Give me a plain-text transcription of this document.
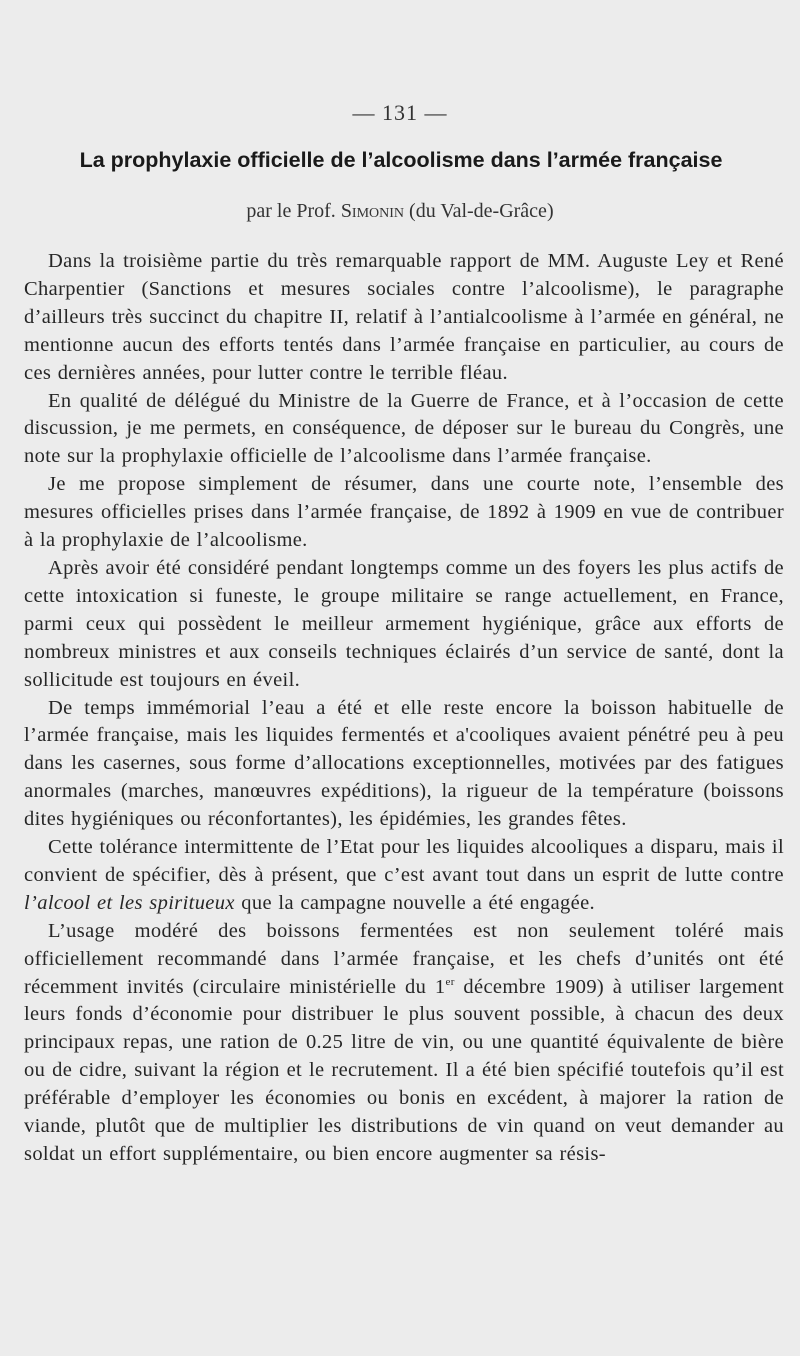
— 131 —
La prophylaxie officielle de l’alcoolisme dans l’armée française
par le Prof. Simonin (du Val-de-Grâce)

Dans la troisième partie du très remarquable rapport de MM. Auguste Ley et René Charpentier (Sanctions et mesures sociales contre l’alcoolisme), le paragraphe d’ailleurs très succinct du chapitre II, relatif à l’antialcoolisme à l’armée en général, ne mentionne aucun des efforts tentés dans l’armée française en particulier, au cours de ces dernières années, pour lutter contre le terrible fléau.

En qualité de délégué du Ministre de la Guerre de France, et à l’occasion de cette discussion, je me permets, en conséquence, de déposer sur le bureau du Congrès, une note sur la prophylaxie officielle de l’alcoolisme dans l’armée française.

Je me propose simplement de résumer, dans une courte note, l’ensemble des mesures officielles prises dans l’armée française, de 1892 à 1909 en vue de contribuer à la prophylaxie de l’alcoolisme.

Après avoir été considéré pendant longtemps comme un des foyers les plus actifs de cette intoxication si funeste, le groupe militaire se range actuellement, en France, parmi ceux qui possèdent le meilleur armement hygiénique, grâce aux efforts de nombreux ministres et aux conseils techniques éclairés d’un service de santé, dont la sollicitude est toujours en éveil.

De temps immémorial l’eau a été et elle reste encore la boisson habituelle de l’armée française, mais les liquides fermentés et a'cooliques avaient pénétré peu à peu dans les casernes, sous forme d’allocations exceptionnelles, motivées par des fatigues anormales (marches, manœuvres expéditions), la rigueur de la température (boissons dites hygiéniques ou réconfortantes), les épidémies, les grandes fêtes.

Cette tolérance intermittente de l’Etat pour les liquides alcooliques a disparu, mais il convient de spécifier, dès à présent, que c’est avant tout dans un esprit de lutte contre l’alcool et les spiritueux que la campagne nouvelle a été engagée.

L’usage modéré des boissons fermentées est non seulement toléré mais officiellement recommandé dans l’armée française, et les chefs d’unités ont été récemment invités (circulaire ministérielle du 1er décembre 1909) à utiliser largement leurs fonds d’économie pour distribuer le plus souvent possible, à chacun des deux principaux repas, une ration de 0.25 litre de vin, ou une quantité équivalente de bière ou de cidre, suivant la région et le recrutement. Il a été bien spécifié toutefois qu’il est préférable d’employer les économies ou bonis en excédent, à majorer la ration de viande, plutôt que de multiplier les distributions de vin quand on veut demander au soldat un effort supplémentaire, ou bien encore augmenter sa résis-
